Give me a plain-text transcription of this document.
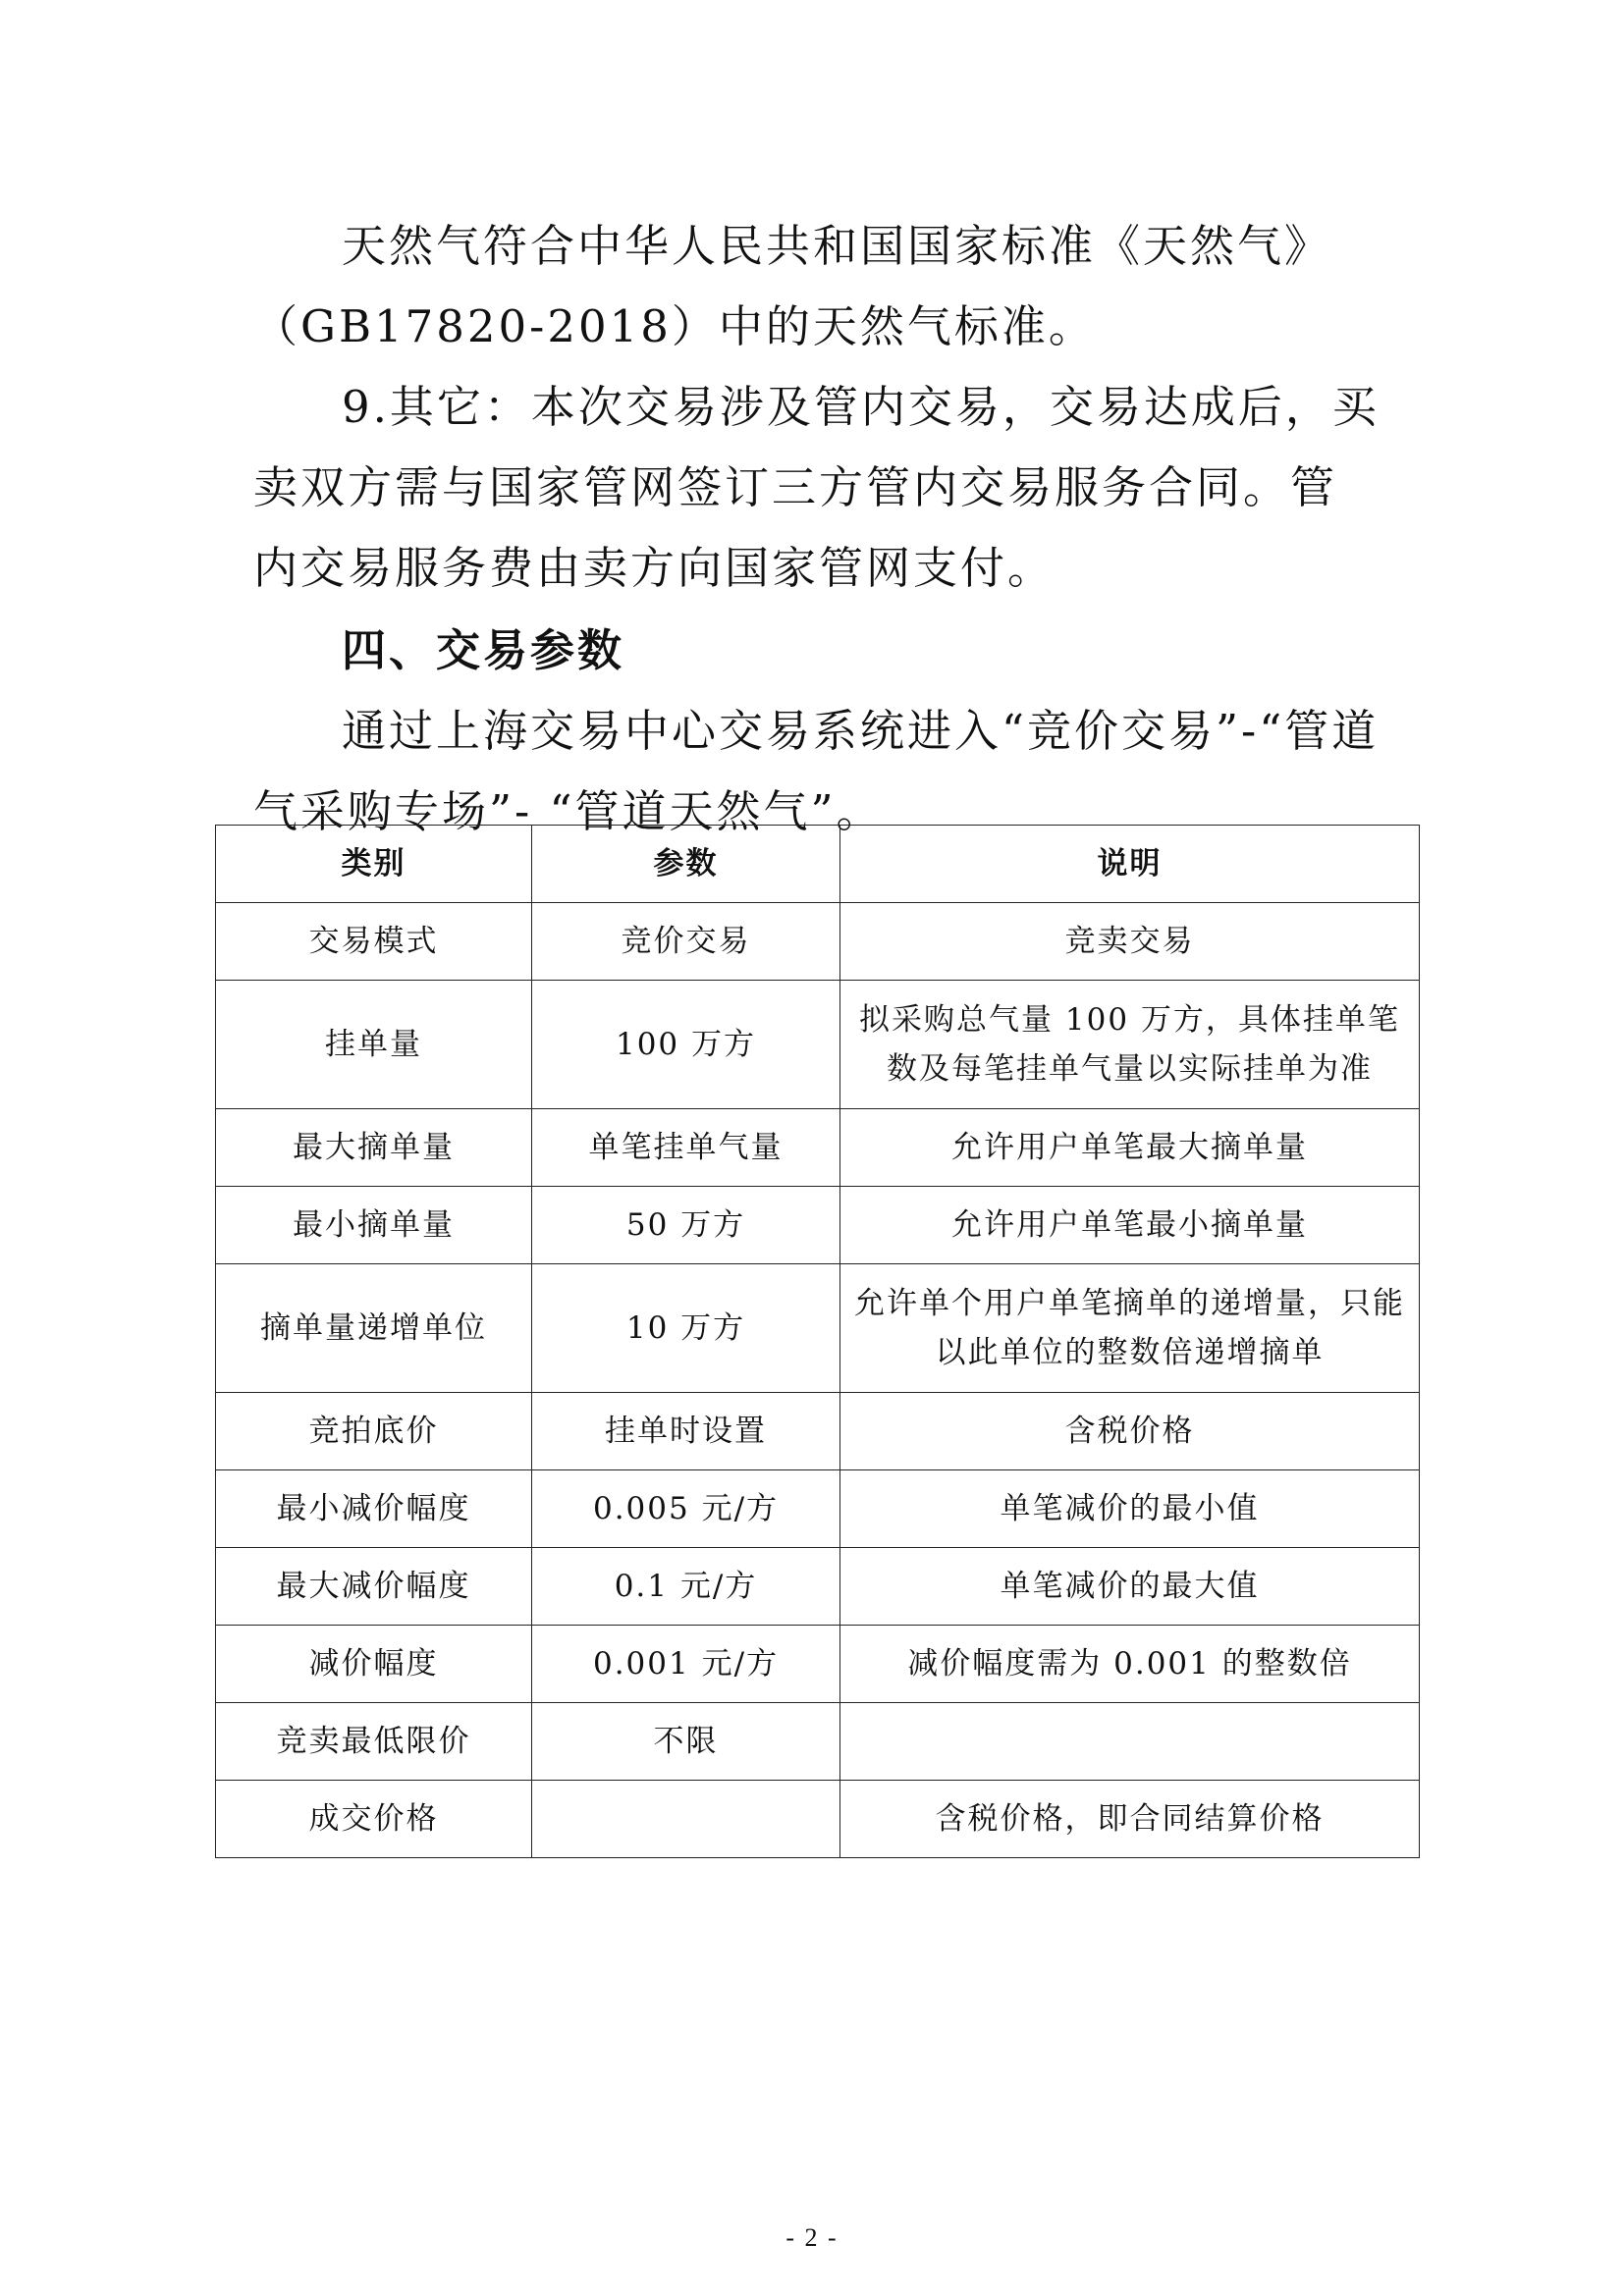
天然气符合中华人民共和国国家标准《天然气》（GB17820-2018）中的天然气标准。

9.其它：本次交易涉及管内交易，交易达成后，买卖双方需与国家管网签订三方管内交易服务合同。管内交易服务费由卖方向国家管网支付。

四、交易参数

通过上海交易中心交易系统进入“竞价交易”-“管道气采购专场”- “管道天然气”。

类别	参数	说明
交易模式	竞价交易	竞卖交易
挂单量	100 万方	拟采购总气量 100 万方，具体挂单笔数及每笔挂单气量以实际挂单为准
最大摘单量	单笔挂单气量	允许用户单笔最大摘单量
最小摘单量	50 万方	允许用户单笔最小摘单量
摘单量递增单位	10 万方	允许单个用户单笔摘单的递增量，只能以此单位的整数倍递增摘单
竞拍底价	挂单时设置	含税价格
最小减价幅度	0.005 元/方	单笔减价的最小值
最大减价幅度	0.1 元/方	单笔减价的最大值
减价幅度	0.001 元/方	减价幅度需为 0.001 的整数倍
竞卖最低限价	不限	
成交价格		含税价格，即合同结算价格
- 2 -
